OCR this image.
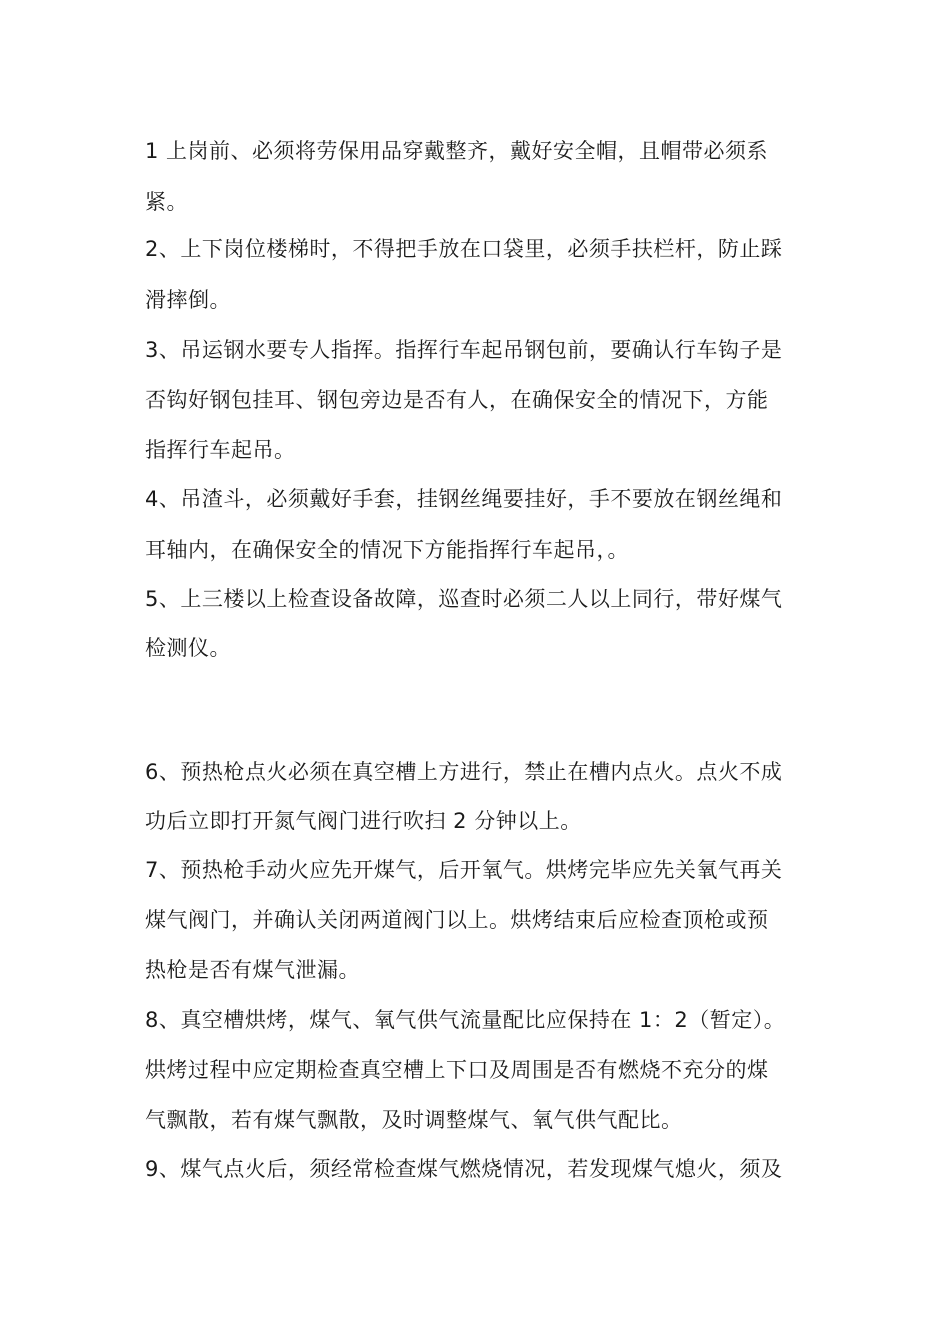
1 上岗前、必须将劳保用品穿戴整齐，戴好安全帽，且帽带必须系
紧。
2、上下岗位楼梯时，不得把手放在口袋里，必须手扶栏杆，防止踩
滑摔倒。
3、吊运钢水要专人指挥。指挥行车起吊钢包前，要确认行车钩子是
否钩好钢包挂耳、钢包旁边是否有人，在确保安全的情况下，方能
指挥行车起吊。
4、吊渣斗，必须戴好手套，挂钢丝绳要挂好，手不要放在钢丝绳和
耳轴内，在确保安全的情况下方能指挥行车起吊，。
5、上三楼以上检查设备故障，巡查时必须二人以上同行，带好煤气
检测仪。
6、预热枪点火必须在真空槽上方进行，禁止在槽内点火。点火不成
功后立即打开氮气阀门进行吹扫 2 分钟以上。
7、预热枪手动火应先开煤气，后开氧气。烘烤完毕应先关氧气再关
煤气阀门，并确认关闭两道阀门以上。烘烤结束后应检查顶枪或预
热枪是否有煤气泄漏。
8、真空槽烘烤，煤气、氧气供气流量配比应保持在 1：2（暂定）。
烘烤过程中应定期检查真空槽上下口及周围是否有燃烧不充分的煤
气飘散，若有煤气飘散，及时调整煤气、氧气供气配比。
9、煤气点火后，须经常检查煤气燃烧情况，若发现煤气熄火，须及
